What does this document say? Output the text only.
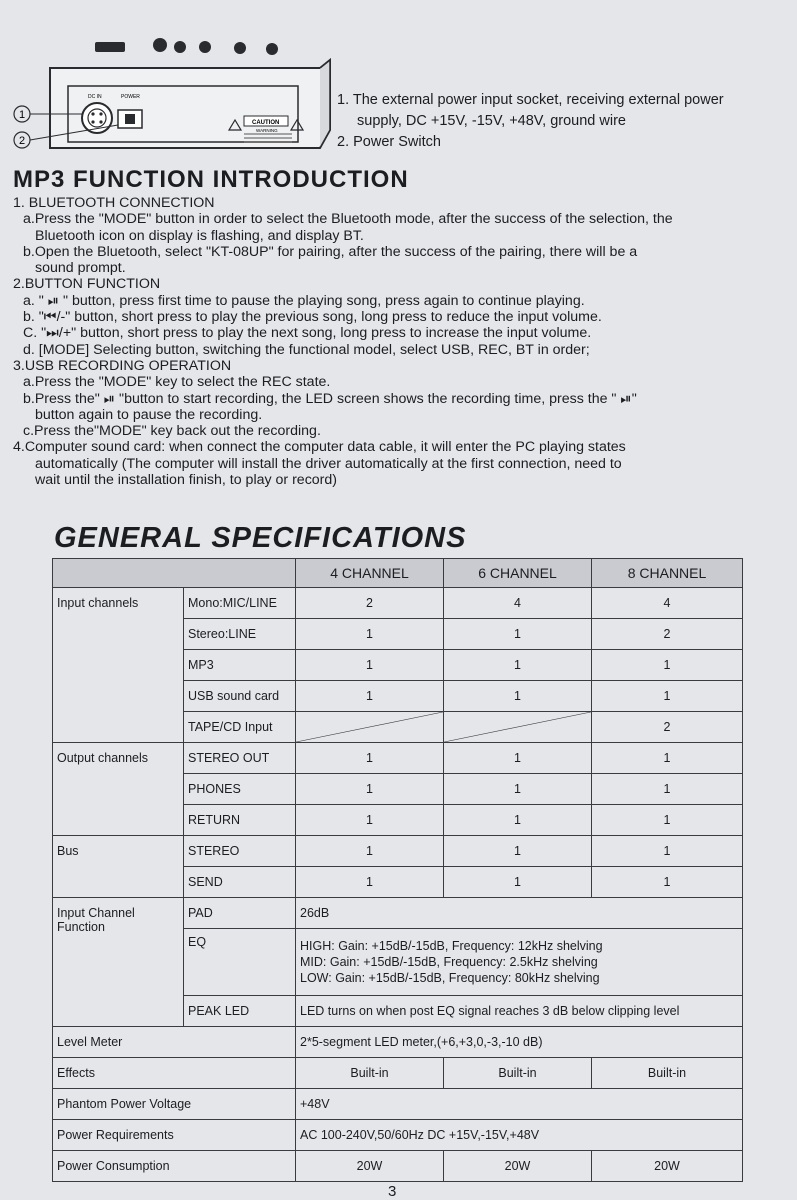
1
2
DC IN	POWER
CAUTION
WARNING
1. The external power input socket, receiving external power
supply, DC +15V, -15V, +48V, ground wire
2. Power Switch
MP3 FUNCTION INTRODUCTION
1. BLUETOOTH CONNECTION
a.Press the "MODE" button in order to select the Bluetooth mode, after the success of the selection, the
Bluetooth icon on display is flashing, and display BT.
b.Open the Bluetooth, select "KT-08UP" for pairing, after the success of the pairing, there will be a
sound prompt.
2.BUTTON FUNCTION
a. " ⏯ " button, press first time to pause the playing song, press again to continue playing.
b. "⏮/-" button, short press to play the previous song, long press to reduce the input volume.
C. "⏭/+" button, short press to play the next song, long press to increase the input volume.
d. [MODE] Selecting button, switching the functional model, select USB, REC, BT in order;
3.USB RECORDING OPERATION
a.Press the "MODE" key to select the REC state.
b.Press the" ⏯ "button to start recording, the LED screen shows the recording time, press the " ⏯"
button again to pause the recording.
c.Press the"MODE" key back out the recording.
4.Computer sound card: when connect the computer data cable, it will enter the PC playing states
automatically (The computer will install the driver automatically at the first connection, need to
wait until the installation finish, to play or record)
GENERAL SPECIFICATIONS
		4 CHANNEL	6 CHANNEL	8 CHANNEL
Input channels	Mono:MIC/LINE	2	4	4
	Stereo:LINE	1	1	2
	MP3	1	1	1
	USB sound card	1	1	1
	TAPE/CD Input			2
Output channels	STEREO OUT	1	1	1
	PHONES	1	1	1
	RETURN	1	1	1
Bus	STEREO	1	1	1
	SEND	1	1	1
Input Channel Function	PAD	26dB		
	EQ	HIGH: Gain: +15dB/-15dB, Frequency: 12kHz shelving
MID: Gain: +15dB/-15dB, Frequency: 2.5kHz shelving
LOW: Gain: +15dB/-15dB, Frequency: 80kHz shelving		

	PEAK LED	LED turns on when post EQ signal reaches 3 dB below clipping level		
Level Meter		2*5-segment LED meter,(+6,+3,0,-3,-10 dB)		
Effects		Built-in	Built-in	Built-in
Phantom Power Voltage		+48V		
Power Requirements		AC 100-240V,50/60Hz DC +15V,-15V,+48V		
Power Consumption		20W	20W	20W
3
